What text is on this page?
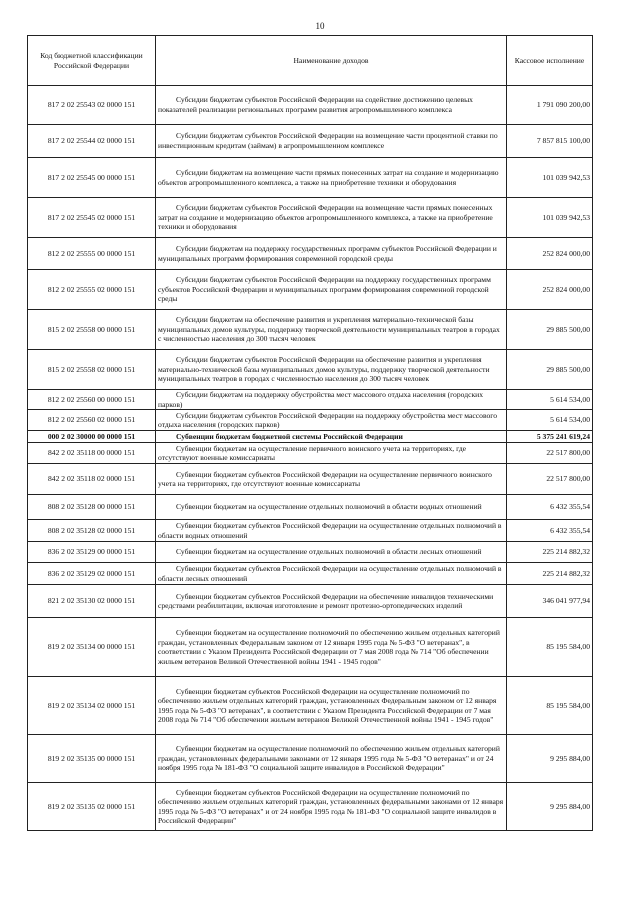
10
Код бюджетной классификации Российской Федерации	Наименование доходов	Кассовое исполнение
817 2 02 25543 02 0000 151	Субсидии бюджетам субъектов Российской Федерации на содействие достижению целевых показателей реализации региональных программ развития агропромышленного комплекса	1 791 090 200,00
817 2 02 25544 02 0000 151	Субсидии бюджетам субъектов Российской Федерации на возмещение части процентной ставки по инвестиционным кредитам (займам) в агропромышленном комплексе	7 857 815 100,00
817 2 02 25545 00 0000 151	Субсидии бюджетам на возмещение части прямых понесенных затрат на создание и модернизацию объектов агропромышленного комплекса, а также на приобретение техники и оборудования	101 039 942,53
817 2 02 25545 02 0000 151	Субсидии бюджетам субъектов Российской Федерации на возмещение части прямых понесенных затрат на создание и модернизацию объектов агропромышленного комплекса, а также на приобретение техники и оборудования	101 039 942,53
812 2 02 25555 00 0000 151	Субсидии бюджетам на поддержку государственных программ субъектов Российской Федерации и муниципальных программ формирования современной городской среды	252 824 000,00
812 2 02 25555 02 0000 151	Субсидии бюджетам субъектов Российской Федерации на поддержку государственных программ субъектов Российской Федерации и муниципальных программ формирования современной городской среды	252 824 000,00
815 2 02 25558 00 0000 151	Субсидии бюджетам на обеспечение развития и укрепления материально-технической базы муниципальных домов культуры, поддержку творческой деятельности муниципальных театров в городах с численностью населения до 300 тысяч человек	29 885 500,00
815 2 02 25558 02 0000 151	Субсидии бюджетам субъектов Российской Федерации на обеспечение развития и укрепления материально-технической базы муниципальных домов культуры, поддержку творческой деятельности муниципальных театров в городах с численностью населения до 300 тысяч человек	29 885 500,00
812 2 02 25560 00 0000 151	Субсидии бюджетам на поддержку обустройства мест массового отдыха населения (городских парков)	5 614 534,00
812 2 02 25560 02 0000 151	Субсидии бюджетам субъектов Российской Федерации на поддержку обустройства мест массового отдыха населения (городских парков)	5 614 534,00
000 2 02 30000 00 0000 151	Субвенции бюджетам бюджетной системы Российской Федерации	5 375 241 619,24
842 2 02 35118 00 0000 151	Субвенции бюджетам на осуществление первичного воинского учета на территориях, где отсутствуют военные комиссариаты	22 517 800,00
842 2 02 35118 02 0000 151	Субвенции бюджетам субъектов Российской Федерации на осуществление первичного воинского учета на территориях, где отсутствуют военные комиссариаты	22 517 800,00
808 2 02 35128 00 0000 151	Субвенции бюджетам на осуществление отдельных полномочий в области водных отношений	6 432 355,54
808 2 02 35128 02 0000 151	Субвенции бюджетам субъектов Российской Федерации на осуществление отдельных полномочий в области водных отношений	6 432 355,54
836 2 02 35129 00 0000 151	Субвенции бюджетам на осуществление отдельных полномочий в области лесных отношений	225 214 882,32
836 2 02 35129 02 0000 151	Субвенции бюджетам субъектов Российской Федерации на осуществление отдельных полномочий в области лесных отношений	225 214 882,32
821 2 02 35130 02 0000 151	Субвенции бюджетам субъектов Российской Федерации на обеспечение инвалидов техническими средствами реабилитации, включая изготовление и ремонт протезно-ортопедических изделий	346 041 977,94
819 2 02 35134 00 0000 151	Субвенции бюджетам на осуществление полномочий по обеспечению жильем отдельных категорий граждан, установленных Федеральным законом от 12 января 1995 года № 5-ФЗ "О ветеранах", в соответствии с Указом Президента Российской Федерации от 7 мая 2008 года № 714 "Об обеспечении жильем ветеранов Великой Отечественной войны 1941 - 1945 годов"	85 195 584,00
819 2 02 35134 02 0000 151	Субвенции бюджетам субъектов Российской Федерации на осуществление полномочий по обеспечению жильем отдельных категорий граждан, установленных Федеральным законом от 12 января 1995 года № 5-ФЗ "О ветеранах", в соответствии с Указом Президента Российской Федерации от 7 мая 2008 года № 714 "Об обеспечении жильем ветеранов Великой Отечественной войны 1941 - 1945 годов"	85 195 584,00
819 2 02 35135 00 0000 151	Субвенции бюджетам на осуществление полномочий по обеспечению жильем отдельных категорий граждан, установленных федеральными законами от 12 января 1995 года № 5-ФЗ "О ветеранах" и от 24 ноября 1995 года № 181-ФЗ "О социальной защите инвалидов в Российской Федерации"	9 295 884,00
819 2 02 35135 02 0000 151	Субвенции бюджетам субъектов Российской Федерации на осуществление полномочий по обеспечению жильем отдельных категорий граждан, установленных федеральными законами от 12 января 1995 года № 5-ФЗ "О ветеранах" и от 24 ноября 1995 года № 181-ФЗ "О социальной защите инвалидов в Российской Федерации"	9 295 884,00
